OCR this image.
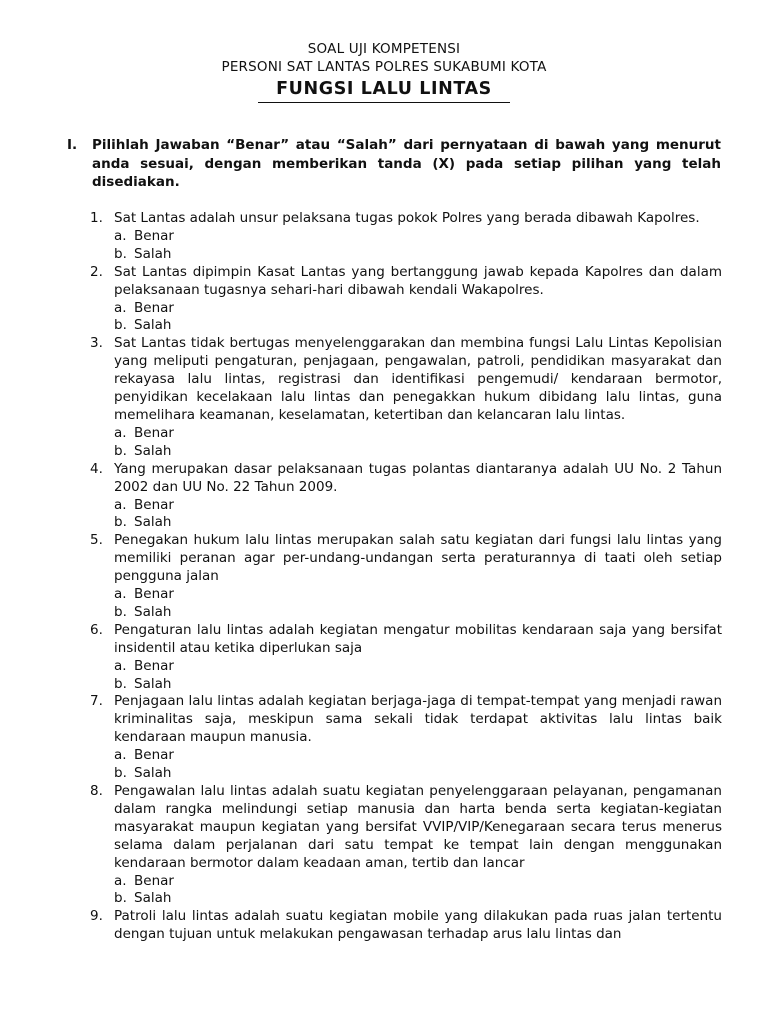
SOAL UJI KOMPETENSI
PERSONI SAT LANTAS POLRES SUKABUMI KOTA
FUNGSI LALU LINTAS
I. Pilihlah Jawaban “Benar” atau “Salah” dari pernyataan di bawah yang menurut anda sesuai, dengan memberikan tanda (X) pada setiap pilihan yang telah disediakan.
1. Sat Lantas adalah unsur pelaksana tugas pokok Polres yang berada dibawah Kapolres.
a. Benar
b. Salah
2. Sat Lantas dipimpin Kasat Lantas yang bertanggung jawab kepada Kapolres dan dalam pelaksanaan tugasnya sehari-hari dibawah kendali Wakapolres.
a. Benar
b. Salah
3. Sat Lantas tidak bertugas menyelenggarakan dan membina fungsi Lalu Lintas Kepolisian yang meliputi pengaturan, penjagaan, pengawalan, patroli, pendidikan masyarakat dan rekayasa lalu lintas, registrasi dan identifikasi pengemudi/ kendaraan bermotor, penyidikan kecelakaan lalu lintas dan penegakkan hukum dibidang lalu lintas, guna memelihara keamanan, keselamatan, ketertiban dan kelancaran lalu lintas.
a. Benar
b. Salah
4. Yang merupakan dasar pelaksanaan tugas polantas diantaranya adalah UU No. 2 Tahun 2002 dan UU No. 22 Tahun 2009.
a. Benar
b. Salah
5. Penegakan hukum lalu lintas merupakan salah satu kegiatan dari fungsi lalu lintas yang memiliki peranan agar per-undang-undangan serta peraturannya di taati oleh setiap pengguna jalan
a. Benar
b. Salah
6. Pengaturan lalu lintas adalah kegiatan mengatur mobilitas kendaraan saja yang bersifat insidentil atau ketika diperlukan saja
a. Benar
b. Salah
7. Penjagaan lalu lintas adalah kegiatan berjaga-jaga di tempat-tempat yang menjadi rawan kriminalitas saja, meskipun sama sekali tidak terdapat aktivitas lalu lintas baik kendaraan maupun manusia.
a. Benar
b. Salah
8. Pengawalan lalu lintas adalah suatu kegiatan penyelenggaraan pelayanan, pengamanan dalam rangka melindungi setiap manusia dan harta benda serta kegiatan-kegiatan masyarakat maupun kegiatan yang bersifat VVIP/VIP/Kenegaraan secara terus menerus selama dalam perjalanan dari satu tempat ke tempat lain dengan menggunakan kendaraan bermotor dalam keadaan aman, tertib dan lancar
a. Benar
b. Salah
9. Patroli lalu lintas adalah suatu kegiatan mobile yang dilakukan pada ruas jalan tertentu dengan tujuan untuk melakukan pengawasan terhadap arus lalu lintas dan
